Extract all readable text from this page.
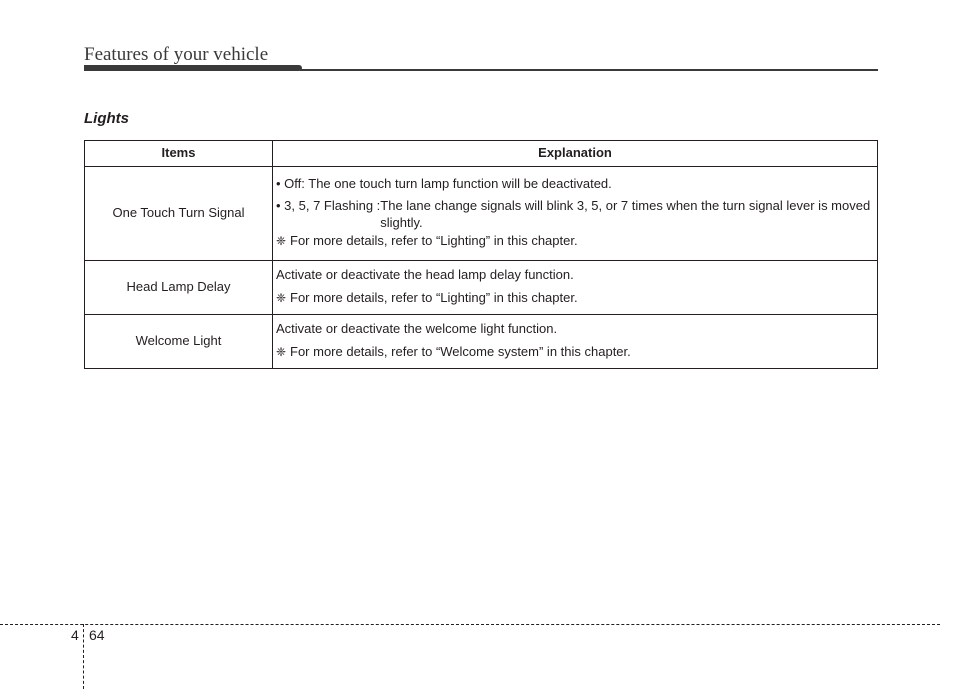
Features of your vehicle
Lights
Items	Explanation
One Touch Turn Signal	• Off: The one touch turn lamp function will be deactivated.
• 3, 5, 7 Flashing : The lane change signals will blink 3, 5, or 7 times when the turn signal lever is moved slightly.
❈ For more details, refer to “Lighting” in this chapter.

Head Lamp Delay	Activate or deactivate the head lamp delay function.
❈ For more details, refer to “Lighting” in this chapter.

Welcome Light	Activate or deactivate the welcome light function.
❈ For more details, refer to “Welcome system” in this chapter.
4 64
